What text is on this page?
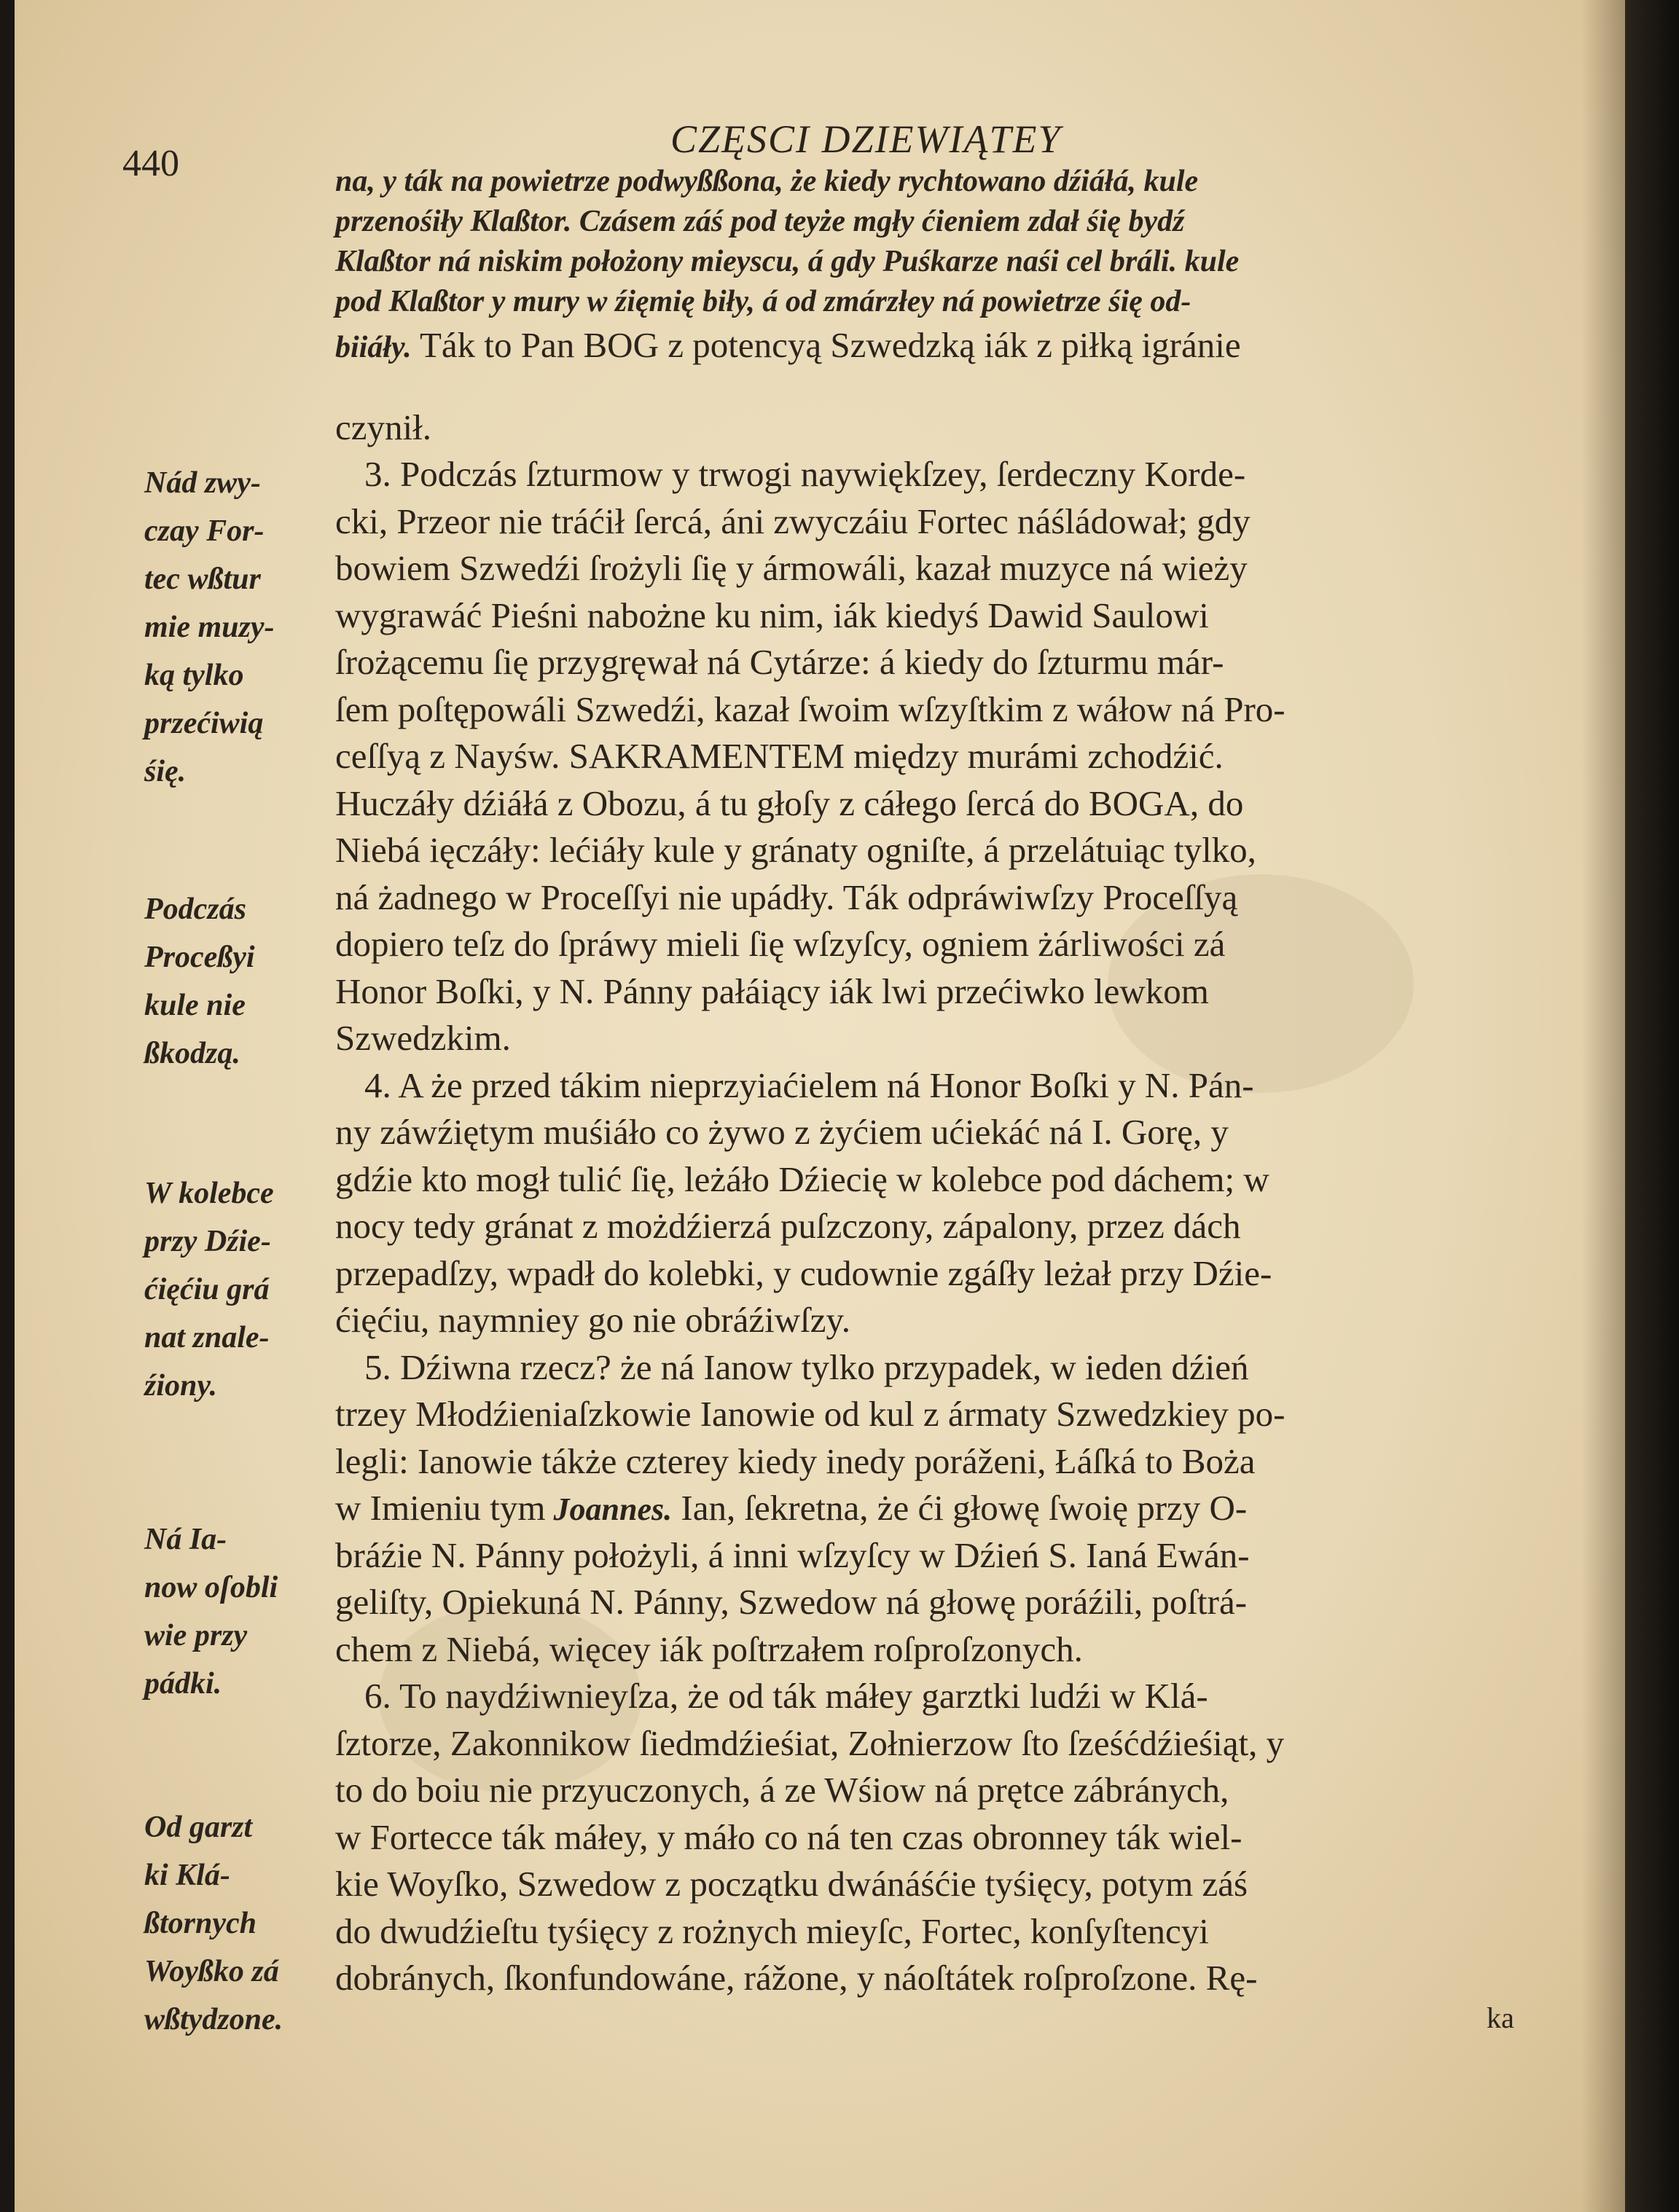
440
CZĘSCI DZIEWIĄTEY
na, y ták na powietrze podwyßßona, że kiedy rychtowano dźiáłá, kule
przenośiły Klaßtor. Czásem záś pod teyże mgły ćieniem zdał śię bydź
Klaßtor ná niskim położony mieyscu, á gdy Puśkarze naśi cel bráli. kule
pod Klaßtor y mury w źięmię biły, á od zmárzłey ná powietrze śię od-
biiáły. Ták to Pan BOG z potencyą Szwedzką iák z piłką igránie
czynił.
3. Podczás ſzturmow y trwogi naywiękſzey, ſerdeczny Korde-
cki, Przeor nie tráćił ſercá, áni zwyczáiu Fortec náśládował; gdy
bowiem Szwedźi ſrożyli ſię y ármowáli, kazał muzyce ná wieży
wygrawáć Pieśni nabożne ku nim, iák kiedyś Dawid Saulowi
ſrożącemu ſię przygręwał ná Cytárze: á kiedy do ſzturmu már-
ſem poſtępowáli Szwedźi, kazał ſwoim wſzyſtkim z wáłow ná Pro-
ceſſyą z Nayśw. SAKRAMENTEM między murámi zchodźić.
Huczáły dźiáłá z Obozu, á tu głoſy z cáłego ſercá do BOGA, do
Niebá ięczáły: lećiáły kule y gránaty ogniſte, á przelátuiąc tylko,
ná żadnego w Proceſſyi nie upádły. Ták odpráwiwſzy Proceſſyą
dopiero teſz do ſpráwy mieli ſię wſzyſcy, ogniem żárliwości zá
Honor Boſki, y N. Pánny pałáiący iák lwi przećiwko lewkom
Szwedzkim.
4. A że przed tákim nieprzyiaćielem ná Honor Boſki y N. Pán-
ny záwźiętym muśiáło co żywo z żyćiem ućiekáć ná I. Gorę, y
gdźie kto mogł tulić ſię, leżáło Dźiecię w kolebce pod dáchem; w
nocy tedy gránat z możdźierzá puſzczony, zápalony, przez dách
przepadſzy, wpadł do kolebki, y cudownie zgáſły leżał przy Dźie-
ćięćiu, naymniey go nie obráźiwſzy.
5. Dźiwna rzecz? że ná Ianow tylko przypadek, w ieden dźień
trzey Młodźieniaſzkowie Ianowie od kul z ármaty Szwedzkiey po-
legli: Ianowie tákże czterey kiedy inedy poráženi, Łáſká to Boża
w Imieniu tym Joannes. Ian, ſekretna, że ći głowę ſwoię przy O-
bráźie N. Pánny położyli, á inni wſzyſcy w Dźień S. Ianá Ewán-
geliſty, Opiekuná N. Pánny, Szwedow ná głowę poráźili, poſtrá-
chem z Niebá, więcey iák poſtrzałem roſproſzonych.
6. To naydźiwnieyſza, że od ták máłey garztki ludźi w Klá-
ſztorze, Zakonnikow ſiedmdźieśiat, Zołnierzow ſto ſześćdźieśiąt, y
to do boiu nie przyuczonych, á ze Wśiow ná prętce zábránych,
w Fortecce ták máłey, y máło co ná ten czas obronney ták wiel-
kie Woyſko, Szwedow z początku dwánáśćie tyśięcy, potym záś
do dwudźieſtu tyśięcy z rożnych mieyſc, Fortec, konſyſtencyi
dobránych, ſkonfundowáne, rážone, y náoſtátek roſproſzone. Rę-
Nád zwy-
czay For-
tec wßtur
mie muzy-
ką tylko
przećiwią
śię.
Podczás
Proceßyi
kule nie
ßkodzą.
W kolebce
przy Dźie-
ćięćiu grá
nat znale-
źiony.
Ná Ia-
now oſobli
wie przy
pádki.
Od garzt
ki Klá-
ßtornych
Woyßko zá
wßtydzone.	ka
